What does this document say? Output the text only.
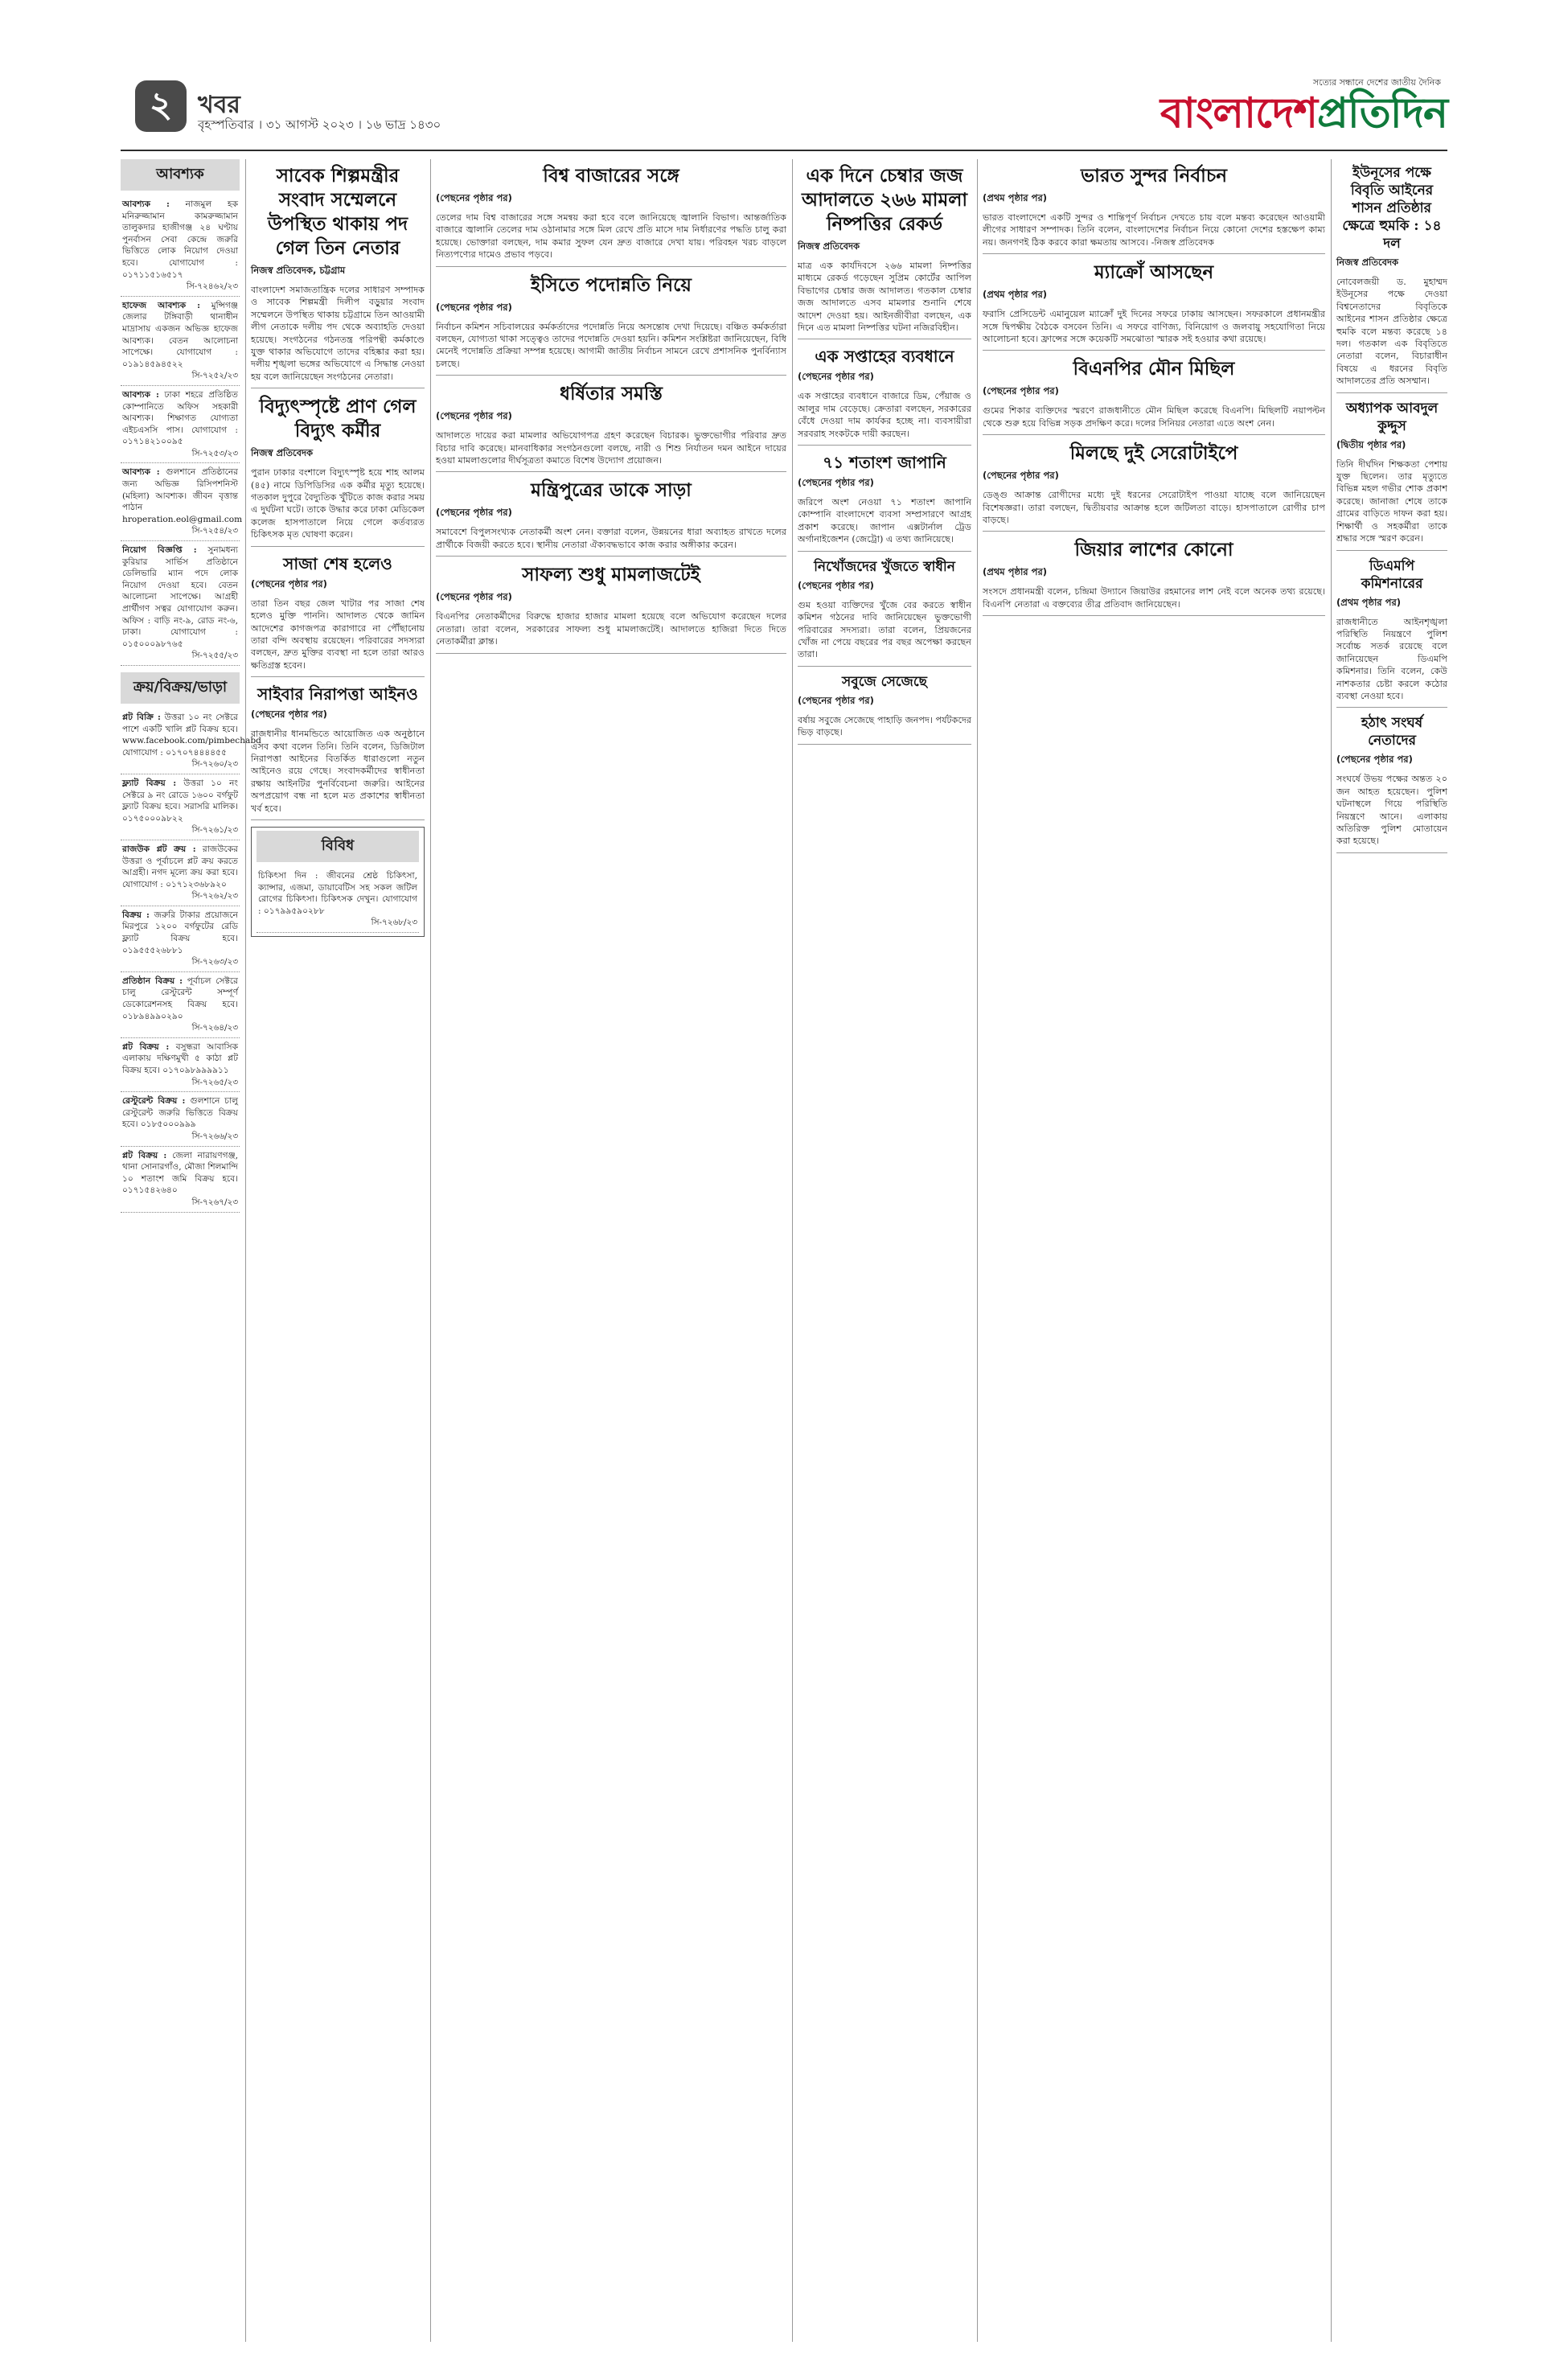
২	খবর
বৃহস্পতিবার । ৩১ আগস্ট ২০২৩ । ১৬ ভাদ্র ১৪৩০
সত্যের সন্ধানে দেশের জাতীয় দৈনিক
বাংলাদেশপ্রতিদিন
আবশ্যক
আবশ্যক : নাজমুল হক মনিরুজ্জামান কামরুজ্জামান তালুকদার হাজীগঞ্জ ২৪ ঘণ্টায় পুনর্বাসন সেবা কেন্দ্রে জরুরি ভিত্তিতে লোক নিয়োগ দেওয়া হবে। যোগাযোগ : ০১৭১১৫১৬৫১৭
সি-৭২৪৬২/২৩
হাফেজ আবশ্যক : মুন্সিগঞ্জ জেলার টঙ্গিবাড়ী থানাধীন মাদ্রাসায় একজন অভিজ্ঞ হাফেজ আবশ্যক। বেতন আলোচনা সাপেক্ষে। যোগাযোগ : ০১৯১৪৫৯৪৫২২
সি-৭২৫২/২৩
আবশ্যক : ঢাকা শহরে প্রতিষ্ঠিত কোম্পানিতে অফিস সহকারী আবশ্যক। শিক্ষাগত যোগ্যতা এইচএসসি পাস। যোগাযোগ : ০১৭১৪২১০০৯৫
সি-৭২৫৩/২৩
আবশ্যক : গুলশানে প্রতিষ্ঠানের জন্য অভিজ্ঞ রিসিপশনিস্ট (মহিলা) আবশ্যক। জীবন বৃত্তান্ত পাঠান hroperation.eol@gmail.com
সি-৭২৫৪/২৩
নিয়োগ বিজ্ঞপ্তি : সুনামধন্য কুরিয়ার সার্ভিস প্রতিষ্ঠানে ডেলিভারি ম্যান পদে লোক নিয়োগ দেওয়া হবে। বেতন আলোচনা সাপেক্ষে। আগ্রহী প্রার্থীগণ সত্বর যোগাযোগ করুন। অফিস : বাড়ি নং-৯, রোড নং-৬, ঢাকা। যোগাযোগ : ০১৫০০০৯৮৭৬৫
সি-৭২৫৫/২৩
ক্রয়/বিক্রয়/ভাড়া
প্লট বিক্রি : উত্তরা ১০ নং সেক্টরে পাশে একটি খালি প্লট বিক্রয় হবে। www.facebook.com/pimbechabd যোগাযোগ : ০১৭০৭৪৪৪৪৫৫
সি-৭২৬০/২৩
ফ্ল্যাট বিক্রয় : উত্তরা ১০ নং সেক্টরে ৯ নং রোডে ১৬০০ বর্গফুট ফ্ল্যাট বিক্রয় হবে। সরাসরি মালিক। ০১৭৫০০০৯৮২২
সি-৭২৬১/২৩
রাজউক প্লট ক্রয় : রাজউকের উত্তরা ও পূর্বাচলে প্লট ক্রয় করতে আগ্রহী। নগদ মূল্যে ক্রয় করা হবে। যোগাযোগ : ০১৭১২৩৬৮৯২০
সি-৭২৬২/২৩
বিক্রয় : জরুরি টাকার প্রয়োজনে মিরপুরে ১২০০ বর্গফুটের রেডি ফ্ল্যাট বিক্রয় হবে। ০১৯৫৫৫২৬৮৮১
সি-৭২৬৩/২৩
প্রতিষ্ঠান বিক্রয় : পূর্বাচল সেক্টরে চালু রেস্টুরেন্ট সম্পূর্ণ ডেকোরেশনসহ বিক্রয় হবে। ০১৮৯৪৯৯০২৯০
সি-৭২৬৪/২৩
প্লট বিক্রয় : বসুন্ধরা আবাসিক এলাকায় দক্ষিণমুখী ৫ কাঠা প্লট বিক্রয় হবে। ০১৭০৯৮৯৯৯৯১১
সি-৭২৬৫/২৩
রেস্টুরেন্ট বিক্রয় : গুলশানে চালু রেস্টুরেন্ট জরুরি ভিত্তিতে বিক্রয় হবে। ০১৮৫০০০৯৯৯
সি-৭২৬৬/২৩
প্লট বিক্রয় : জেলা নারায়ণগঞ্জ, থানা সোনারগাঁও, মৌজা শিলমান্দি ১০ শতাংশ জমি বিক্রয় হবে। ০১৭১৫৪২৬৪০
সি-৭২৬৭/২৩
সাবেক শিল্পমন্ত্রীর সংবাদ সম্মেলনে উপস্থিত থাকায় পদ গেল তিন নেতার
নিজস্ব প্রতিবেদক, চট্টগ্রাম
বাংলাদেশ সমাজতান্ত্রিক দলের সাধারণ সম্পাদক ও সাবেক শিল্পমন্ত্রী দিলীপ বড়ুয়ার সংবাদ সম্মেলনে উপস্থিত থাকায় চট্টগ্রামে তিন আওয়ামী লীগ নেতাকে দলীয় পদ থেকে অব্যাহতি দেওয়া হয়েছে। সংগঠনের গঠনতন্ত্র পরিপন্থী কর্মকাণ্ডে যুক্ত থাকার অভিযোগে তাদের বহিষ্কার করা হয়। দলীয় শৃঙ্খলা ভঙ্গের অভিযোগে এ সিদ্ধান্ত নেওয়া হয় বলে জানিয়েছেন সংগঠনের নেতারা।
বিদ্যুৎস্পৃষ্টে প্রাণ গেল বিদ্যুৎ কর্মীর
নিজস্ব প্রতিবেদক
পুরান ঢাকার বংশালে বিদ্যুৎস্পৃষ্ট হয়ে শাহ আলম (৪৫) নামে ডিপিডিসির এক কর্মীর মৃত্যু হয়েছে। গতকাল দুপুরে বৈদ্যুতিক খুঁটিতে কাজ করার সময় এ দুর্ঘটনা ঘটে। তাকে উদ্ধার করে ঢাকা মেডিকেল কলেজ হাসপাতালে নিয়ে গেলে কর্তব্যরত চিকিৎসক মৃত ঘোষণা করেন।
সাজা শেষ হলেও
(পেছনের পৃষ্ঠার পর)
তারা তিন বছর জেল খাটার পর সাজা শেষ হলেও মুক্তি পাননি। আদালত থেকে জামিন আদেশের কাগজপত্র কারাগারে না পৌঁছানোয় তারা বন্দি অবস্থায় রয়েছেন। পরিবারের সদস্যরা বলছেন, দ্রুত মুক্তির ব্যবস্থা না হলে তারা আরও ক্ষতিগ্রস্ত হবেন।
সাইবার নিরাপত্তা আইনও
(পেছনের পৃষ্ঠার পর)
রাজধানীর ধানমন্ডিতে আয়োজিত এক অনুষ্ঠানে এসব কথা বলেন তিনি। তিনি বলেন, ডিজিটাল নিরাপত্তা আইনের বিতর্কিত ধারাগুলো নতুন আইনেও রয়ে গেছে। সংবাদকর্মীদের স্বাধীনতা রক্ষায় আইনটির পুনর্বিবেচনা জরুরি। আইনের অপপ্রয়োগ বন্ধ না হলে মত প্রকাশের স্বাধীনতা খর্ব হবে।
বিবিধ
চিকিৎসা দিন : জীবনের শ্রেষ্ঠ চিকিৎসা, ক্যান্সার, এজমা, ডায়াবেটিস সহ সকল জটিল রোগের চিকিৎসা। চিকিৎসক দেখুন। যোগাযোগ : ০১৭৯৯৫৯০২৮৮
সি-৭২৬৮/২৩
বিশ্ব বাজারের সঙ্গে
(পেছনের পৃষ্ঠার পর)
তেলের দাম বিশ্ব বাজারের সঙ্গে সমন্বয় করা হবে বলে জানিয়েছে জ্বালানি বিভাগ। আন্তর্জাতিক বাজারে জ্বালানি তেলের দাম ওঠানামার সঙ্গে মিল রেখে প্রতি মাসে দাম নির্ধারণের পদ্ধতি চালু করা হয়েছে। ভোক্তারা বলছেন, দাম কমার সুফল যেন দ্রুত বাজারে দেখা যায়। পরিবহন খরচ বাড়লে নিত্যপণ্যের দামেও প্রভাব পড়বে।
ইসিতে পদোন্নতি নিয়ে
(পেছনের পৃষ্ঠার পর)
নির্বাচন কমিশন সচিবালয়ের কর্মকর্তাদের পদোন্নতি নিয়ে অসন্তোষ দেখা দিয়েছে। বঞ্চিত কর্মকর্তারা বলছেন, যোগ্যতা থাকা সত্ত্বেও তাদের পদোন্নতি দেওয়া হয়নি। কমিশন সংশ্লিষ্টরা জানিয়েছেন, বিধি মেনেই পদোন্নতি প্রক্রিয়া সম্পন্ন হয়েছে। আগামী জাতীয় নির্বাচন সামনে রেখে প্রশাসনিক পুনর্বিন্যাস চলছে।
ধর্ষিতার সমস্তি
(পেছনের পৃষ্ঠার পর)
আদালতে দায়ের করা মামলার অভিযোগপত্র গ্রহণ করেছেন বিচারক। ভুক্তভোগীর পরিবার দ্রুত বিচার দাবি করেছে। মানবাধিকার সংগঠনগুলো বলছে, নারী ও শিশু নির্যাতন দমন আইনে দায়ের হওয়া মামলাগুলোর দীর্ঘসূত্রতা কমাতে বিশেষ উদ্যোগ প্রয়োজন।
মন্ত্রিপুত্রের ডাকে সাড়া
(পেছনের পৃষ্ঠার পর)
সমাবেশে বিপুলসংখ্যক নেতাকর্মী অংশ নেন। বক্তারা বলেন, উন্নয়নের ধারা অব্যাহত রাখতে দলের প্রার্থীকে বিজয়ী করতে হবে। স্থানীয় নেতারা ঐক্যবদ্ধভাবে কাজ করার অঙ্গীকার করেন।
সাফল্য শুধু মামলাজটেই
(পেছনের পৃষ্ঠার পর)
বিএনপির নেতাকর্মীদের বিরুদ্ধে হাজার হাজার মামলা হয়েছে বলে অভিযোগ করেছেন দলের নেতারা। তারা বলেন, সরকারের সাফল্য শুধু মামলাজটেই। আদালতে হাজিরা দিতে দিতে নেতাকর্মীরা ক্লান্ত।
এক দিনে চেম্বার জজ আদালতে ২৬৬ মামলা নিষ্পত্তির রেকর্ড
নিজস্ব প্রতিবেদক
মাত্র এক কার্যদিবসে ২৬৬ মামলা নিষ্পত্তির মাধ্যমে রেকর্ড গড়েছেন সুপ্রিম কোর্টের আপিল বিভাগের চেম্বার জজ আদালত। গতকাল চেম্বার জজ আদালতে এসব মামলার শুনানি শেষে আদেশ দেওয়া হয়। আইনজীবীরা বলছেন, এক দিনে এত মামলা নিষ্পত্তির ঘটনা নজিরবিহীন।
এক সপ্তাহের ব্যবধানে
(পেছনের পৃষ্ঠার পর)
এক সপ্তাহের ব্যবধানে বাজারে ডিম, পেঁয়াজ ও আলুর দাম বেড়েছে। ক্রেতারা বলছেন, সরকারের বেঁধে দেওয়া দাম কার্যকর হচ্ছে না। ব্যবসায়ীরা সরবরাহ সংকটকে দায়ী করছেন।
৭১ শতাংশ জাপানি
(পেছনের পৃষ্ঠার পর)
জরিপে অংশ নেওয়া ৭১ শতাংশ জাপানি কোম্পানি বাংলাদেশে ব্যবসা সম্প্রসারণে আগ্রহ প্রকাশ করেছে। জাপান এক্সটার্নাল ট্রেড অর্গানাইজেশন (জেট্রো) এ তথ্য জানিয়েছে।
নিখোঁজদের খুঁজতে স্বাধীন
(পেছনের পৃষ্ঠার পর)
গুম হওয়া ব্যক্তিদের খুঁজে বের করতে স্বাধীন কমিশন গঠনের দাবি জানিয়েছেন ভুক্তভোগী পরিবারের সদস্যরা। তারা বলেন, প্রিয়জনের খোঁজ না পেয়ে বছরের পর বছর অপেক্ষা করছেন তারা।
সবুজে সেজেছে
(পেছনের পৃষ্ঠার পর)
বর্ষায় সবুজে সেজেছে পাহাড়ি জনপদ। পর্যটকদের ভিড় বাড়ছে।
ভারত সুন্দর নির্বাচন
(প্রথম পৃষ্ঠার পর)
ভারত বাংলাদেশে একটি সুন্দর ও শান্তিপূর্ণ নির্বাচন দেখতে চায় বলে মন্তব্য করেছেন আওয়ামী লীগের সাধারণ সম্পাদক। তিনি বলেন, বাংলাদেশের নির্বাচন নিয়ে কোনো দেশের হস্তক্ষেপ কাম্য নয়। জনগণই ঠিক করবে কারা ক্ষমতায় আসবে। -নিজস্ব প্রতিবেদক
ম্যাক্রোঁ আসছেন
(প্রথম পৃষ্ঠার পর)
ফরাসি প্রেসিডেন্ট এমানুয়েল ম্যাক্রোঁ দুই দিনের সফরে ঢাকায় আসছেন। সফরকালে প্রধানমন্ত্রীর সঙ্গে দ্বিপক্ষীয় বৈঠকে বসবেন তিনি। এ সফরে বাণিজ্য, বিনিয়োগ ও জলবায়ু সহযোগিতা নিয়ে আলোচনা হবে। ফ্রান্সের সঙ্গে কয়েকটি সমঝোতা স্মারক সই হওয়ার কথা রয়েছে।
বিএনপির মৌন মিছিল
(পেছনের পৃষ্ঠার পর)
গুমের শিকার ব্যক্তিদের স্মরণে রাজধানীতে মৌন মিছিল করেছে বিএনপি। মিছিলটি নয়াপল্টন থেকে শুরু হয়ে বিভিন্ন সড়ক প্রদক্ষিণ করে। দলের সিনিয়র নেতারা এতে অংশ নেন।
মিলছে দুই সেরোটাইপে
(পেছনের পৃষ্ঠার পর)
ডেঙ্গু আক্রান্ত রোগীদের মধ্যে দুই ধরনের সেরোটাইপ পাওয়া যাচ্ছে বলে জানিয়েছেন বিশেষজ্ঞরা। তারা বলছেন, দ্বিতীয়বার আক্রান্ত হলে জটিলতা বাড়ে। হাসপাতালে রোগীর চাপ বাড়ছে।
জিয়ার লাশের কোনো
(প্রথম পৃষ্ঠার পর)
সংসদে প্রধানমন্ত্রী বলেন, চন্দ্রিমা উদ্যানে জিয়াউর রহমানের লাশ নেই বলে অনেক তথ্য রয়েছে। বিএনপি নেতারা এ বক্তব্যের তীব্র প্রতিবাদ জানিয়েছেন।
ইউনূসের পক্ষে বিবৃতি আইনের শাসন প্রতিষ্ঠার ক্ষেত্রে হুমকি : ১৪ দল
নিজস্ব প্রতিবেদক
নোবেলজয়ী ড. মুহাম্মদ ইউনূসের পক্ষে দেওয়া বিশ্বনেতাদের বিবৃতিকে আইনের শাসন প্রতিষ্ঠার ক্ষেত্রে হুমকি বলে মন্তব্য করেছে ১৪ দল। গতকাল এক বিবৃতিতে নেতারা বলেন, বিচারাধীন বিষয়ে এ ধরনের বিবৃতি আদালতের প্রতি অসম্মান।
অধ্যাপক আবদুল কুদ্দুস
(দ্বিতীয় পৃষ্ঠার পর)
তিনি দীর্ঘদিন শিক্ষকতা পেশায় যুক্ত ছিলেন। তার মৃত্যুতে বিভিন্ন মহল গভীর শোক প্রকাশ করেছে। জানাজা শেষে তাকে গ্রামের বাড়িতে দাফন করা হয়। শিক্ষার্থী ও সহকর্মীরা তাকে শ্রদ্ধার সঙ্গে স্মরণ করেন।
ডিএমপি কমিশনারের
(প্রথম পৃষ্ঠার পর)
রাজধানীতে আইনশৃঙ্খলা পরিস্থিতি নিয়ন্ত্রণে পুলিশ সর্বোচ্চ সতর্ক রয়েছে বলে জানিয়েছেন ডিএমপি কমিশনার। তিনি বলেন, কেউ নাশকতার চেষ্টা করলে কঠোর ব্যবস্থা নেওয়া হবে।
হঠাৎ সংঘর্ষ নেতাদের
(পেছনের পৃষ্ঠার পর)
সংঘর্ষে উভয় পক্ষের অন্তত ২০ জন আহত হয়েছেন। পুলিশ ঘটনাস্থলে গিয়ে পরিস্থিতি নিয়ন্ত্রণে আনে। এলাকায় অতিরিক্ত পুলিশ মোতায়েন করা হয়েছে।
